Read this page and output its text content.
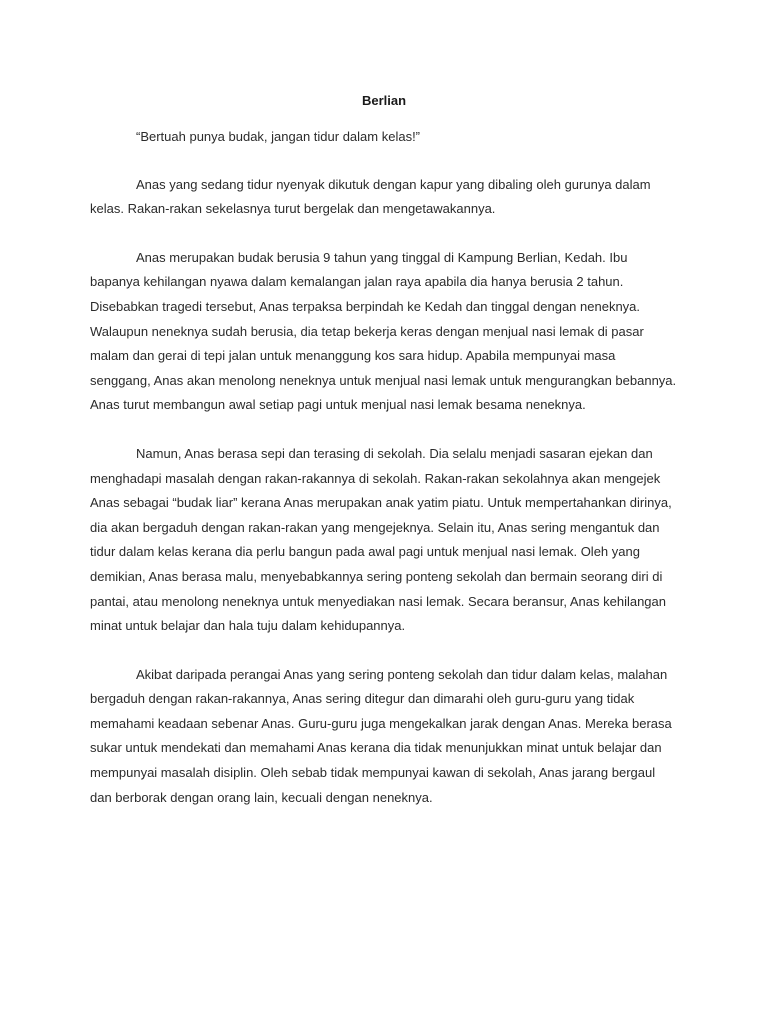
Berlian

“Bertuah punya budak, jangan tidur dalam kelas!”

Anas yang sedang tidur nyenyak dikutuk dengan kapur yang dibaling oleh gurunya dalam kelas. Rakan-rakan sekelasnya turut bergelak dan mengetawakannya.

Anas merupakan budak berusia 9 tahun yang tinggal di Kampung Berlian, Kedah. Ibu bapanya kehilangan nyawa dalam kemalangan jalan raya apabila dia hanya berusia 2 tahun. Disebabkan tragedi tersebut, Anas terpaksa berpindah ke Kedah dan tinggal dengan neneknya. Walaupun neneknya sudah berusia, dia tetap bekerja keras dengan menjual nasi lemak di pasar malam dan gerai di tepi jalan untuk menanggung kos sara hidup. Apabila mempunyai masa senggang, Anas akan menolong neneknya untuk menjual nasi lemak untuk mengurangkan bebannya. Anas turut membangun awal setiap pagi untuk menjual nasi lemak besama neneknya.

Namun, Anas berasa sepi dan terasing di sekolah. Dia selalu menjadi sasaran ejekan dan menghadapi masalah dengan rakan-rakannya di sekolah. Rakan-rakan sekolahnya akan mengejek Anas sebagai “budak liar” kerana Anas merupakan anak yatim piatu. Untuk mempertahankan dirinya, dia akan bergaduh dengan rakan-rakan yang mengejeknya. Selain itu, Anas sering mengantuk dan tidur dalam kelas kerana dia perlu bangun pada awal pagi untuk menjual nasi lemak. Oleh yang demikian, Anas berasa malu, menyebabkannya sering ponteng sekolah dan bermain seorang diri di pantai, atau menolong neneknya untuk menyediakan nasi lemak. Secara beransur, Anas kehilangan minat untuk belajar dan hala tuju dalam kehidupannya.

Akibat daripada perangai Anas yang sering ponteng sekolah dan tidur dalam kelas, malahan bergaduh dengan rakan-rakannya, Anas sering ditegur dan dimarahi oleh guru-guru yang tidak memahami keadaan sebenar Anas. Guru-guru juga mengekalkan jarak dengan Anas. Mereka berasa sukar untuk mendekati dan memahami Anas kerana dia tidak menunjukkan minat untuk belajar dan mempunyai masalah disiplin. Oleh sebab tidak mempunyai kawan di sekolah, Anas jarang bergaul dan berborak dengan orang lain, kecuali dengan neneknya.
